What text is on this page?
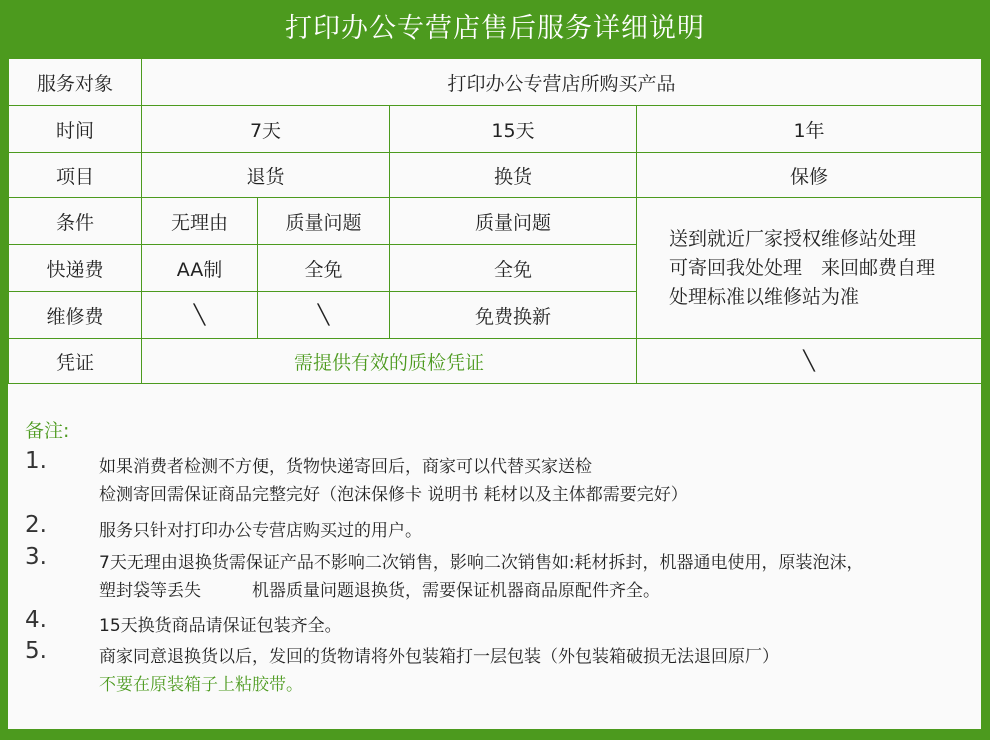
打印办公专营店售后服务详细说明
服务对象	打印办公专营店所购买产品			
时间	7天		15天	1年
项目	退货		换货	保修
条件	无理由	质量问题	质量问题	送到就近厂家授权维修站处理
可寄回我处处理　来回邮费自理
处理标准以维修站为准

快递费	AA制	全免	全免	
维修费	╲	╲	免费换新	
凭证	需提供有效的质检凭证			╲
备注:
1.	如果消费者检测不方便，货物快递寄回后，商家可以代替买家送检
检测寄回需保证商品完整完好（泡沫保修卡 说明书 耗材以及主体都需要完好）
2.	服务只针对打印办公专营店购买过的用户。
3.	7天无理由退换货需保证产品不影响二次销售，影响二次销售如:耗材拆封，机器通电使用，原装泡沫，
塑封袋等丢失　　　机器质量问题退换货，需要保证机器商品原配件齐全。
4.	15天换货商品请保证包装齐全。
5.	商家同意退换货以后，发回的货物请将外包装箱打一层包装（外包装箱破损无法退回原厂）
不要在原装箱子上粘胶带。
